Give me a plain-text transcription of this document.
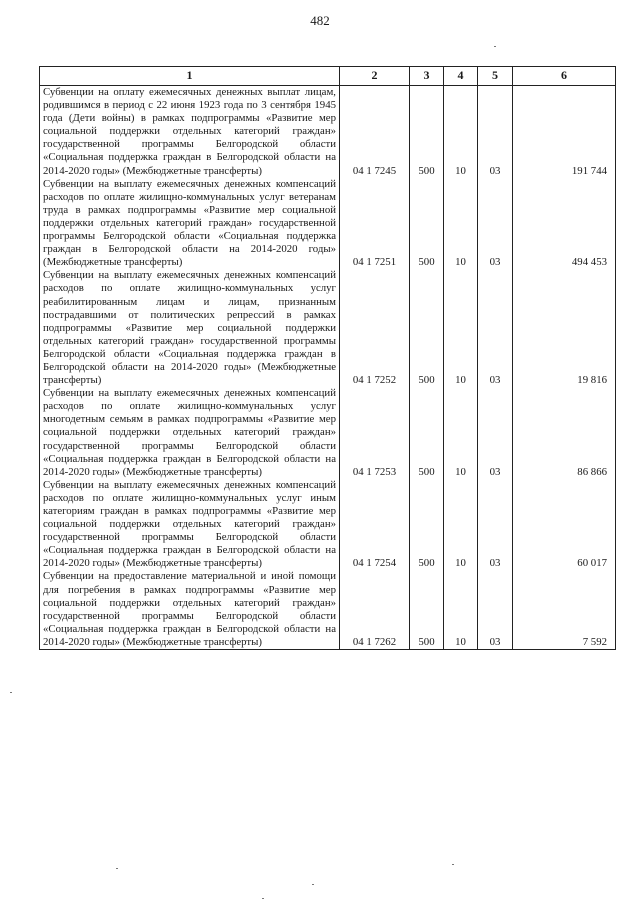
482
1	2	3	4	5	6
Субвенции на оплату ежемесячных денежных выплат лицам, родившимся в период с 22 июня 1923 года по 3 сентября 1945 года (Дети войны) в рамках подпрограммы «Развитие мер социальной поддержки отдельных категорий граждан» государственной программы Белгородской области «Социальная поддержка граждан в Белгородской области на 2014-2020 годы» (Межбюджетные трансферты)	04 1 7245	500	10	03	191 744
Субвенции на выплату ежемесячных денежных компенсаций расходов по оплате жилищно-коммунальных услуг ветеранам труда в рамках подпрограммы «Развитие мер социальной поддержки отдельных категорий граждан» государственной программы Белгородской области «Социальная поддержка граждан в Белгородской области на 2014-2020 годы» (Межбюджетные трансферты)	04 1 7251	500	10	03	494 453
Субвенции на выплату ежемесячных денежных компенсаций расходов по оплате жилищно-коммунальных услуг реабилитированным лицам и лицам, признанным пострадавшими от политических репрессий в рамках подпрограммы «Развитие мер социальной поддержки отдельных категорий граждан» государственной программы Белгородской области «Социальная поддержка граждан в Белгородской области на 2014-2020 годы» (Межбюджетные трансферты)	04 1 7252	500	10	03	19 816
Субвенции на выплату ежемесячных денежных компенсаций расходов по оплате жилищно-коммунальных услуг многодетным семьям в рамках подпрограммы «Развитие мер социальной поддержки отдельных категорий граждан» государственной программы Белгородской области «Социальная поддержка граждан в Белгородской области на 2014-2020 годы» (Межбюджетные трансферты)	04 1 7253	500	10	03	86 866
Субвенции на выплату ежемесячных денежных компенсаций расходов по оплате жилищно-коммунальных услуг иным категориям граждан в рамках подпрограммы «Развитие мер социальной поддержки отдельных категорий граждан» государственной программы Белгородской области «Социальная поддержка граждан в Белгородской области на 2014-2020 годы» (Межбюджетные трансферты)	04 1 7254	500	10	03	60 017
Субвенции на предоставление материальной и иной помощи для погребения в рамках подпрограммы «Развитие мер социальной поддержки отдельных категорий граждан» государственной программы Белгородской области «Социальная поддержка граждан в Белгородской области на 2014-2020 годы» (Межбюджетные трансферты)	04 1 7262	500	10	03	7 592
